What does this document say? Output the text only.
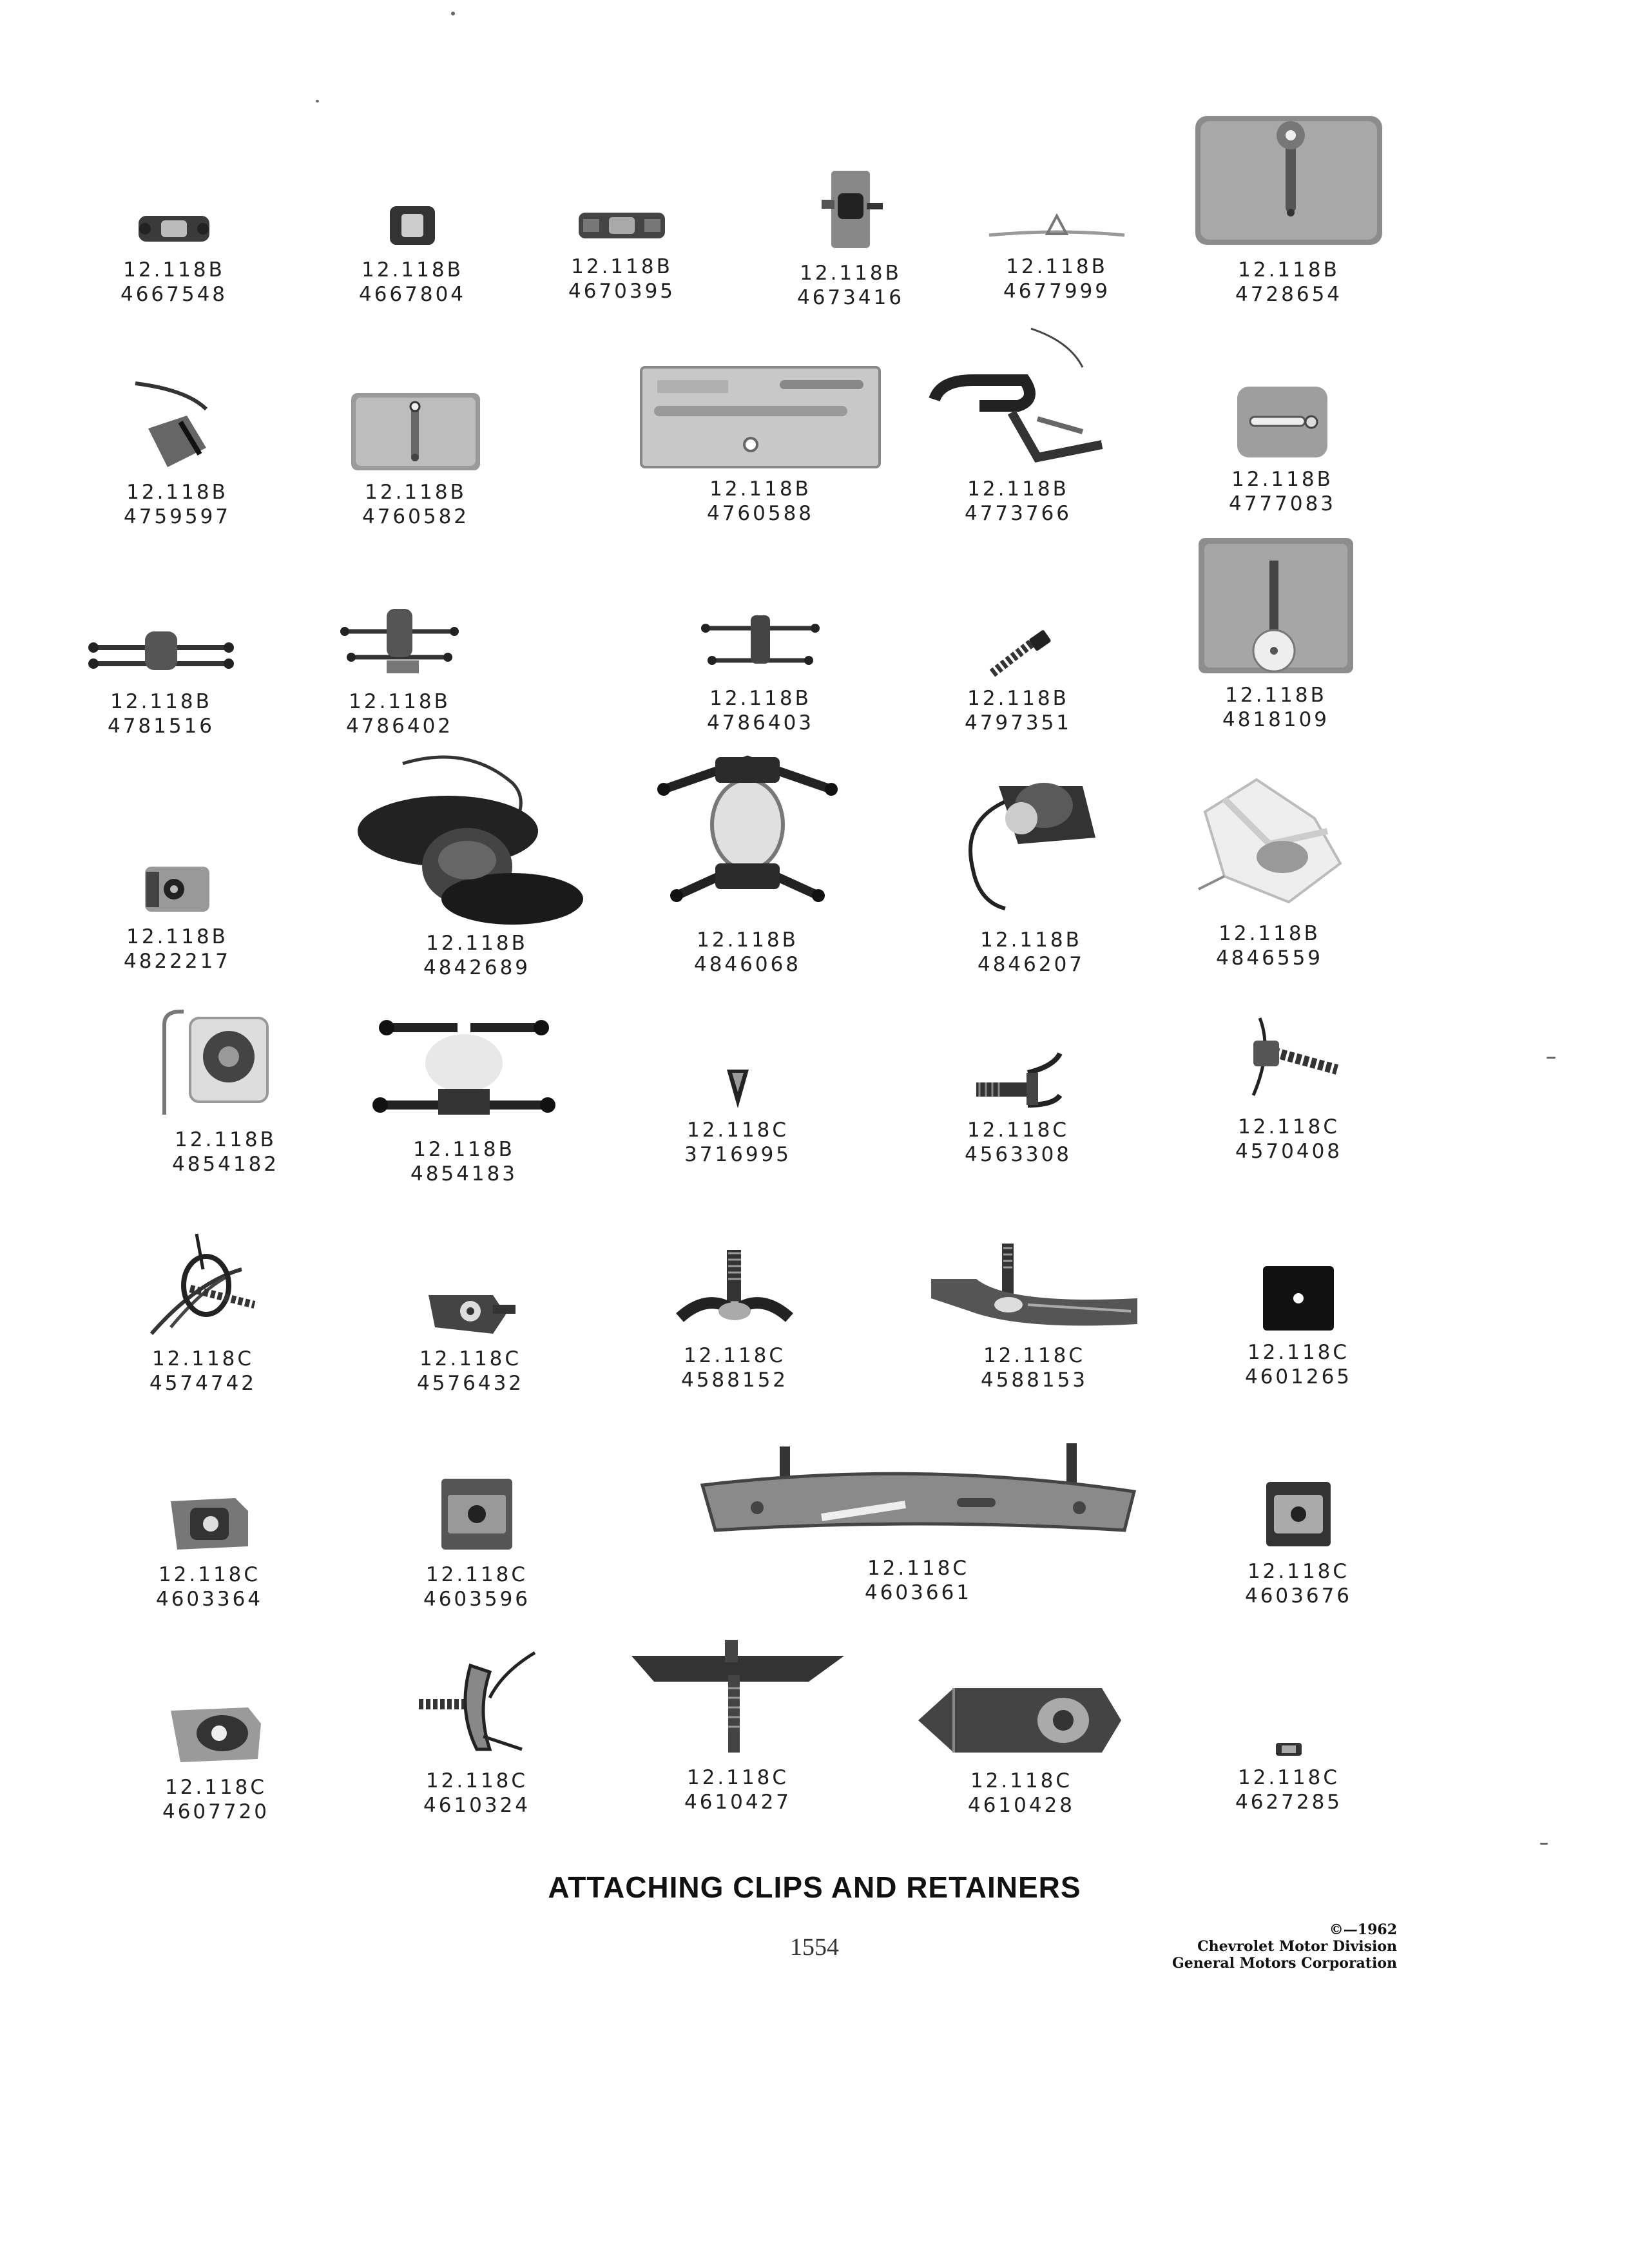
12.118B
4667548
12.118B
4667804
12.118B
4670395
12.118B
4673416
12.118B
4677999
12.118B
4728654
12.118B
4759597
12.118B
4760582
12.118B
4760588
12.118B
4773766
12.118B
4777083
12.118B
4781516
12.118B
4786402
12.118B
4786403
12.118B
4797351
12.118B
4818109
12.118B
4822217
12.118B
4842689
12.118B
4846068
12.118B
4846207
12.118B
4846559
12.118B
4854182
12.118B
4854183
12.118C
3716995
12.118C
4563308
12.118C
4570408
12.118C
4574742
12.118C
4576432
12.118C
4588152
12.118C
4588153
12.118C
4601265
12.118C
4603364
12.118C
4603596
12.118C
4603661
12.118C
4603676
12.118C
4607720
12.118C
4610324
12.118C
4610427
12.118C
4610428
12.118C
4627285
ATTACHING CLIPS AND RETAINERS
1554
©—1962
Chevrolet Motor Division
General Motors Corporation
